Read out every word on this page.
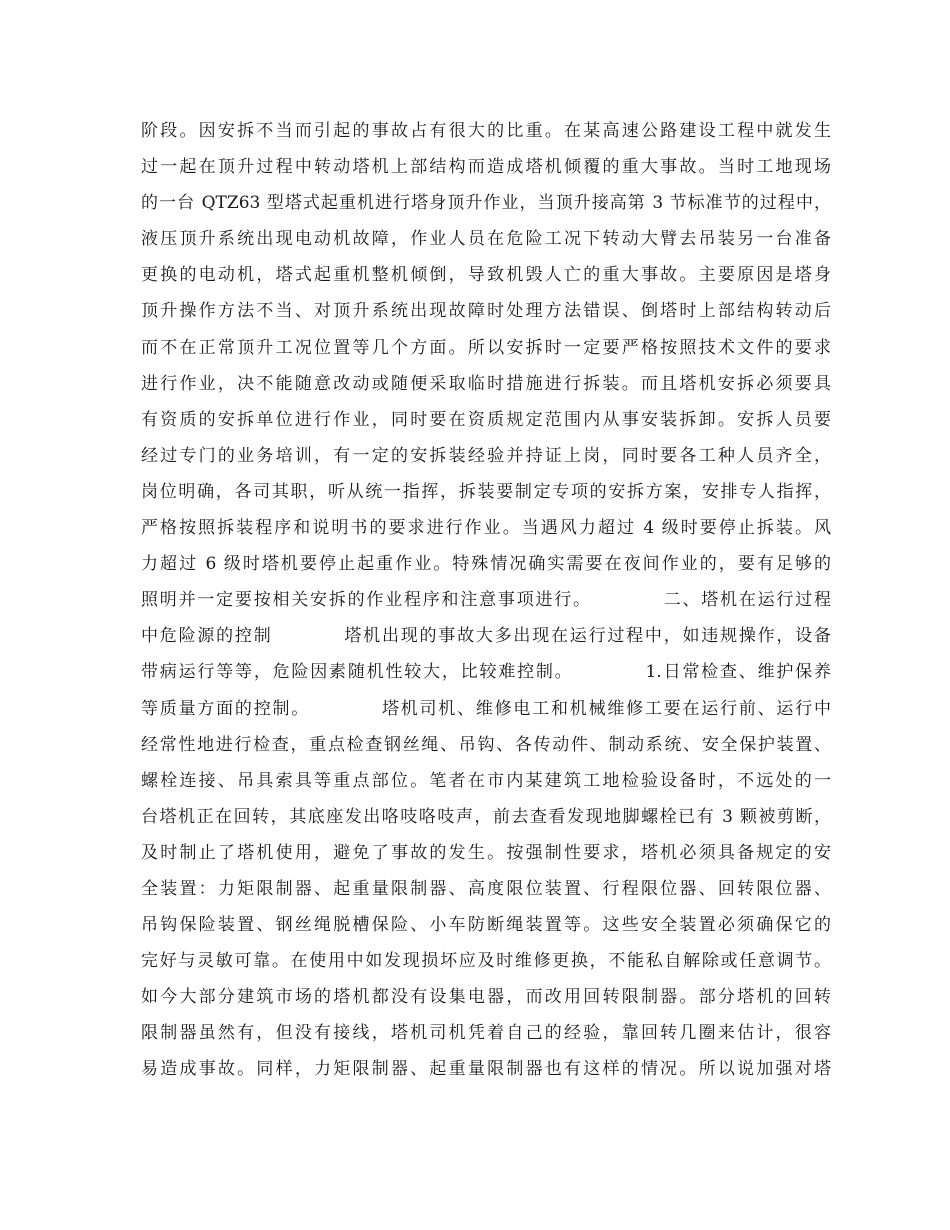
阶段。因安拆不当而引起的事故占有很大的比重。在某高速公路建设工程中就发生
过一起在顶升过程中转动塔机上部结构而造成塔机倾覆的重大事故。当时工地现场
的一台 QTZ63 型塔式起重机进行塔身顶升作业，当顶升接高第 3 节标准节的过程中，
液压顶升系统出现电动机故障，作业人员在危险工况下转动大臂去吊装另一台准备
更换的电动机，塔式起重机整机倾倒，导致机毁人亡的重大事故。主要原因是塔身
顶升操作方法不当、对顶升系统出现故障时处理方法错误、倒塔时上部结构转动后
而不在正常顶升工况位置等几个方面。所以安拆时一定要严格按照技术文件的要求
进行作业，决不能随意改动或随便采取临时措施进行拆装。而且塔机安拆必须要具
有资质的安拆单位进行作业，同时要在资质规定范围内从事安装拆卸。安拆人员要
经过专门的业务培训，有一定的安拆装经验并持证上岗，同时要各工种人员齐全，
岗位明确，各司其职，听从统一指挥，拆装要制定专项的安拆方案，安排专人指挥，
严格按照拆装程序和说明书的要求进行作业。当遇风力超过 4 级时要停止拆装。风
力超过 6 级时塔机要停止起重作业。特殊情况确实需要在夜间作业的，要有足够的
照明并一定要按相关安拆的作业程序和注意事项进行。          二、塔机在运行过程
中危险源的控制          塔机出现的事故大多出现在运行过程中，如违规操作，设备
带病运行等等，危险因素随机性较大，比较难控制。          1.日常检查、维护保养
等质量方面的控制。          塔机司机、维修电工和机械维修工要在运行前、运行中
经常性地进行检查，重点检查钢丝绳、吊钩、各传动件、制动系统、安全保护装置、
螺栓连接、吊具索具等重点部位。笔者在市内某建筑工地检验设备时，不远处的一
台塔机正在回转，其底座发出咯吱咯吱声，前去查看发现地脚螺栓已有 3 颗被剪断，
及时制止了塔机使用，避免了事故的发生。按强制性要求，塔机必须具备规定的安
全装置：力矩限制器、起重量限制器、高度限位装置、行程限位器、回转限位器、
吊钩保险装置、钢丝绳脱槽保险、小车防断绳装置等。这些安全装置必须确保它的
完好与灵敏可靠。在使用中如发现损坏应及时维修更换，不能私自解除或任意调节。
如今大部分建筑市场的塔机都没有设集电器，而改用回转限制器。部分塔机的回转
限制器虽然有，但没有接线，塔机司机凭着自己的经验，靠回转几圈来估计，很容
易造成事故。同样，力矩限制器、起重量限制器也有这样的情况。所以说加强对塔
